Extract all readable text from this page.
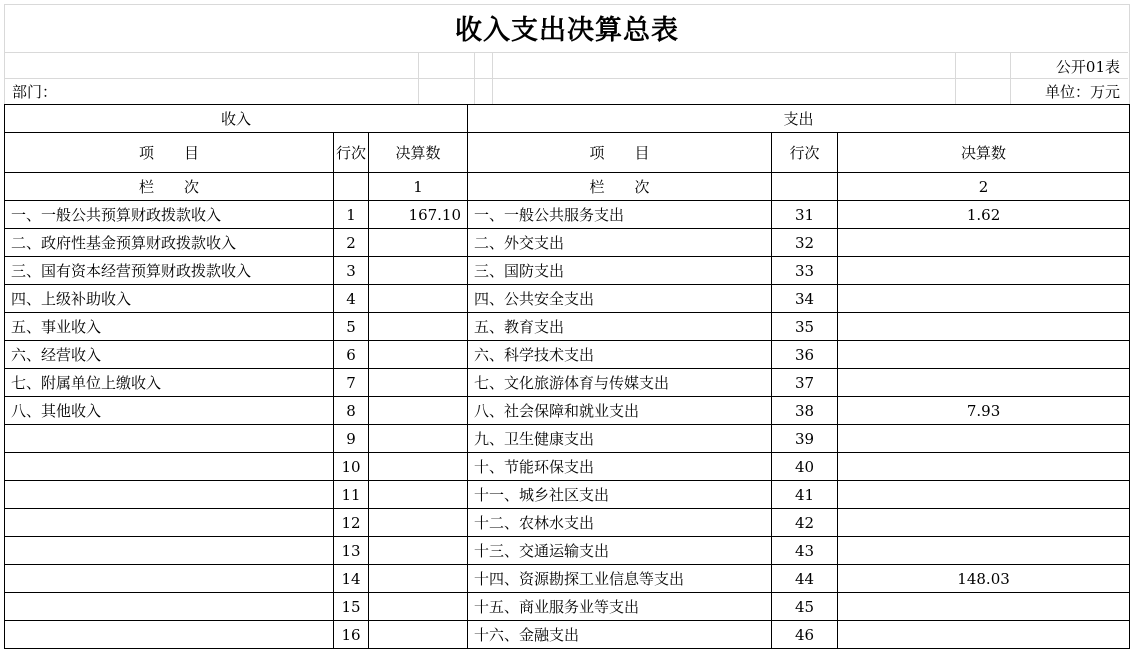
收入支出决算总表
公开01表
部门：	单位：万元
收入			支出		
项　　目	行次	决算数	项　　目	行次	决算数
栏　　次		1	栏　　次		2
一、一般公共预算财政拨款收入	1	167.10	一、一般公共服务支出	31	1.62
二、政府性基金预算财政拨款收入	2		二、外交支出	32	
三、国有资本经营预算财政拨款收入	3		三、国防支出	33	
四、上级补助收入	4		四、公共安全支出	34	
五、事业收入	5		五、教育支出	35	
六、经营收入	6		六、科学技术支出	36	
七、附属单位上缴收入	7		七、文化旅游体育与传媒支出	37	
八、其他收入	8		八、社会保障和就业支出	38	7.93
	9		九、卫生健康支出	39	
	10		十、节能环保支出	40	
	11		十一、城乡社区支出	41	
	12		十二、农林水支出	42	
	13		十三、交通运输支出	43	
	14		十四、资源勘探工业信息等支出	44	148.03
	15		十五、商业服务业等支出	45	
	16		十六、金融支出	46	
